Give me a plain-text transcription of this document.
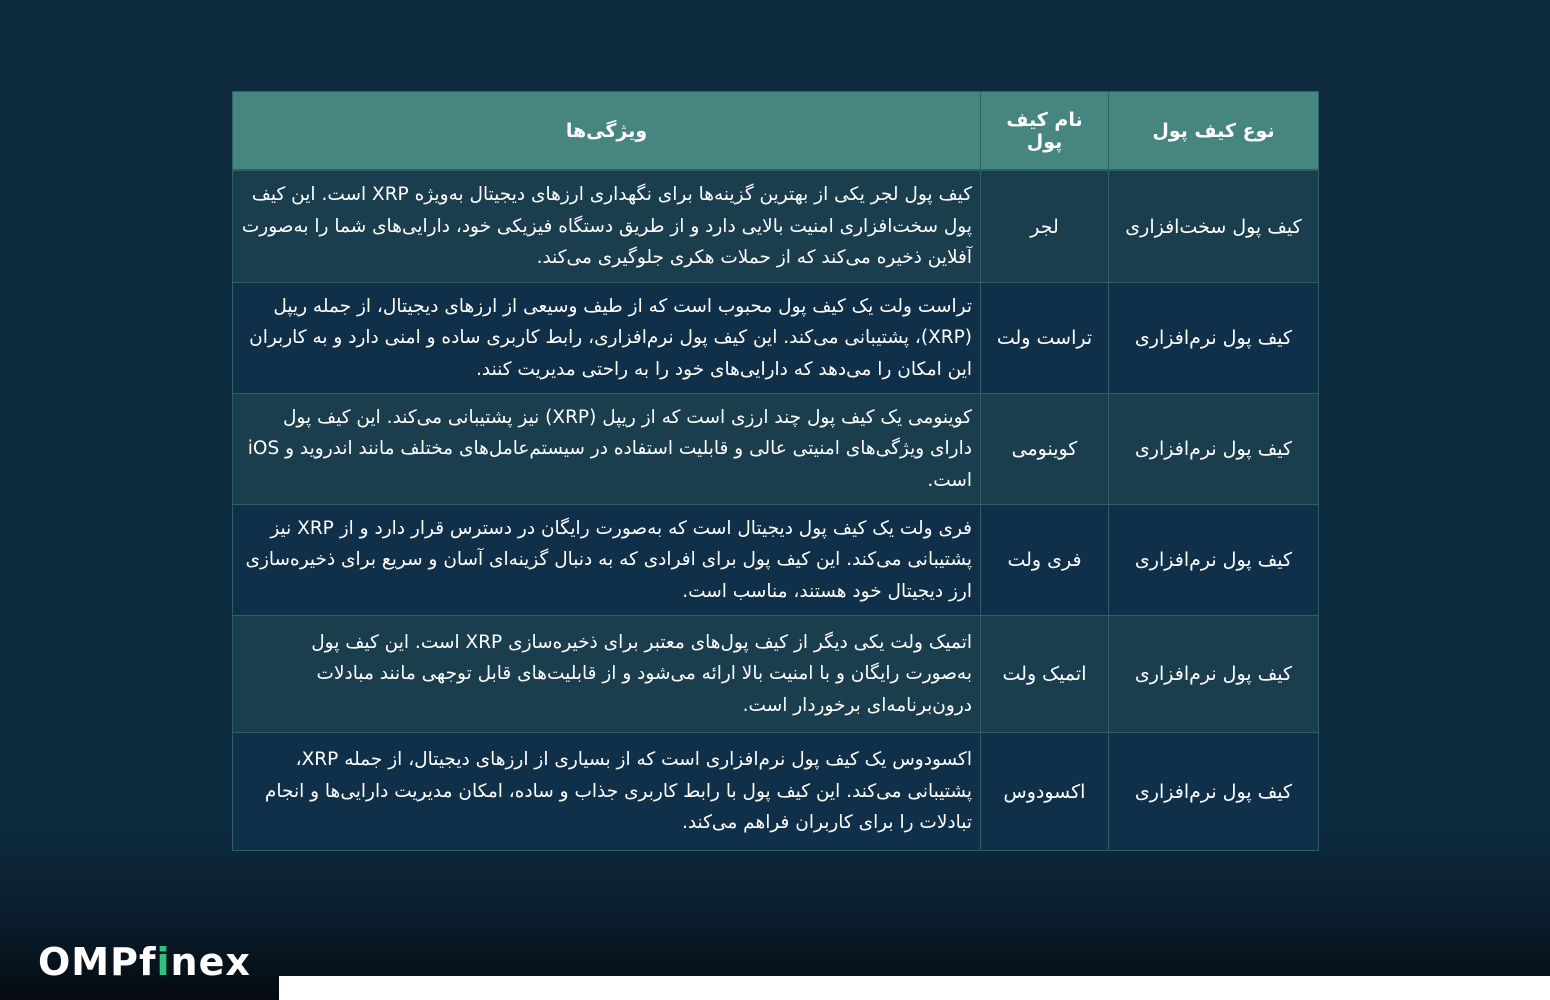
نوع کیف پول	نام کیف پول	ویژگی‌ها
کیف پول سخت‌افزاری	لجر	کیف پول لجر یکی از بهترین گزینه‌ها برای نگهداری ارزهای دیجیتال به‌ویژه XRP است. این کیف پول سخت‌افزاری امنیت بالایی دارد و از طریق دستگاه فیزیکی خود، دارایی‌های شما را به‌صورت آفلاین ذخیره می‌کند که از حملات هکری جلوگیری می‌کند.
کیف پول نرم‌افزاری	تراست ولت	تراست ولت یک کیف پول محبوب است که از طیف وسیعی از ارزهای دیجیتال، از جمله ریپل (XRP)، پشتیبانی می‌کند. این کیف پول نرم‌افزاری، رابط کاربری ساده و امنی دارد و به کاربران این امکان را می‌دهد که دارایی‌های خود را به راحتی مدیریت کنند.
کیف پول نرم‌افزاری	کوینومی	کوینومی یک کیف پول چند ارزی است که از ریپل (XRP) نیز پشتیبانی می‌کند. این کیف پول دارای ویژگی‌های امنیتی عالی و قابلیت استفاده در سیستم‌عامل‌های مختلف مانند اندروید و iOS است.
کیف پول نرم‌افزاری	فری ولت	فری ولت یک کیف پول دیجیتال است که به‌صورت رایگان در دسترس قرار دارد و از XRP نیز پشتیبانی می‌کند. این کیف پول برای افرادی که به دنبال گزینه‌ای آسان و سریع برای ذخیره‌سازی ارز دیجیتال خود هستند، مناسب است.
کیف پول نرم‌افزاری	اتمیک ولت	اتمیک ولت یکی دیگر از کیف پول‌های معتبر برای ذخیره‌سازی XRP است. این کیف پول به‌صورت رایگان و با امنیت بالا ارائه می‌شود و از قابلیت‌های قابل توجهی مانند مبادلات درون‌برنامه‌ای برخوردار است.
کیف پول نرم‌افزاری	اکسودوس	اکسودوس یک کیف پول نرم‌افزاری است که از بسیاری از ارزهای دیجیتال، از جمله XRP، پشتیبانی می‌کند. این کیف پول با رابط کاربری جذاب و ساده، امکان مدیریت دارایی‌ها و انجام تبادلات را برای کاربران فراهم می‌کند.
OMPfinex
